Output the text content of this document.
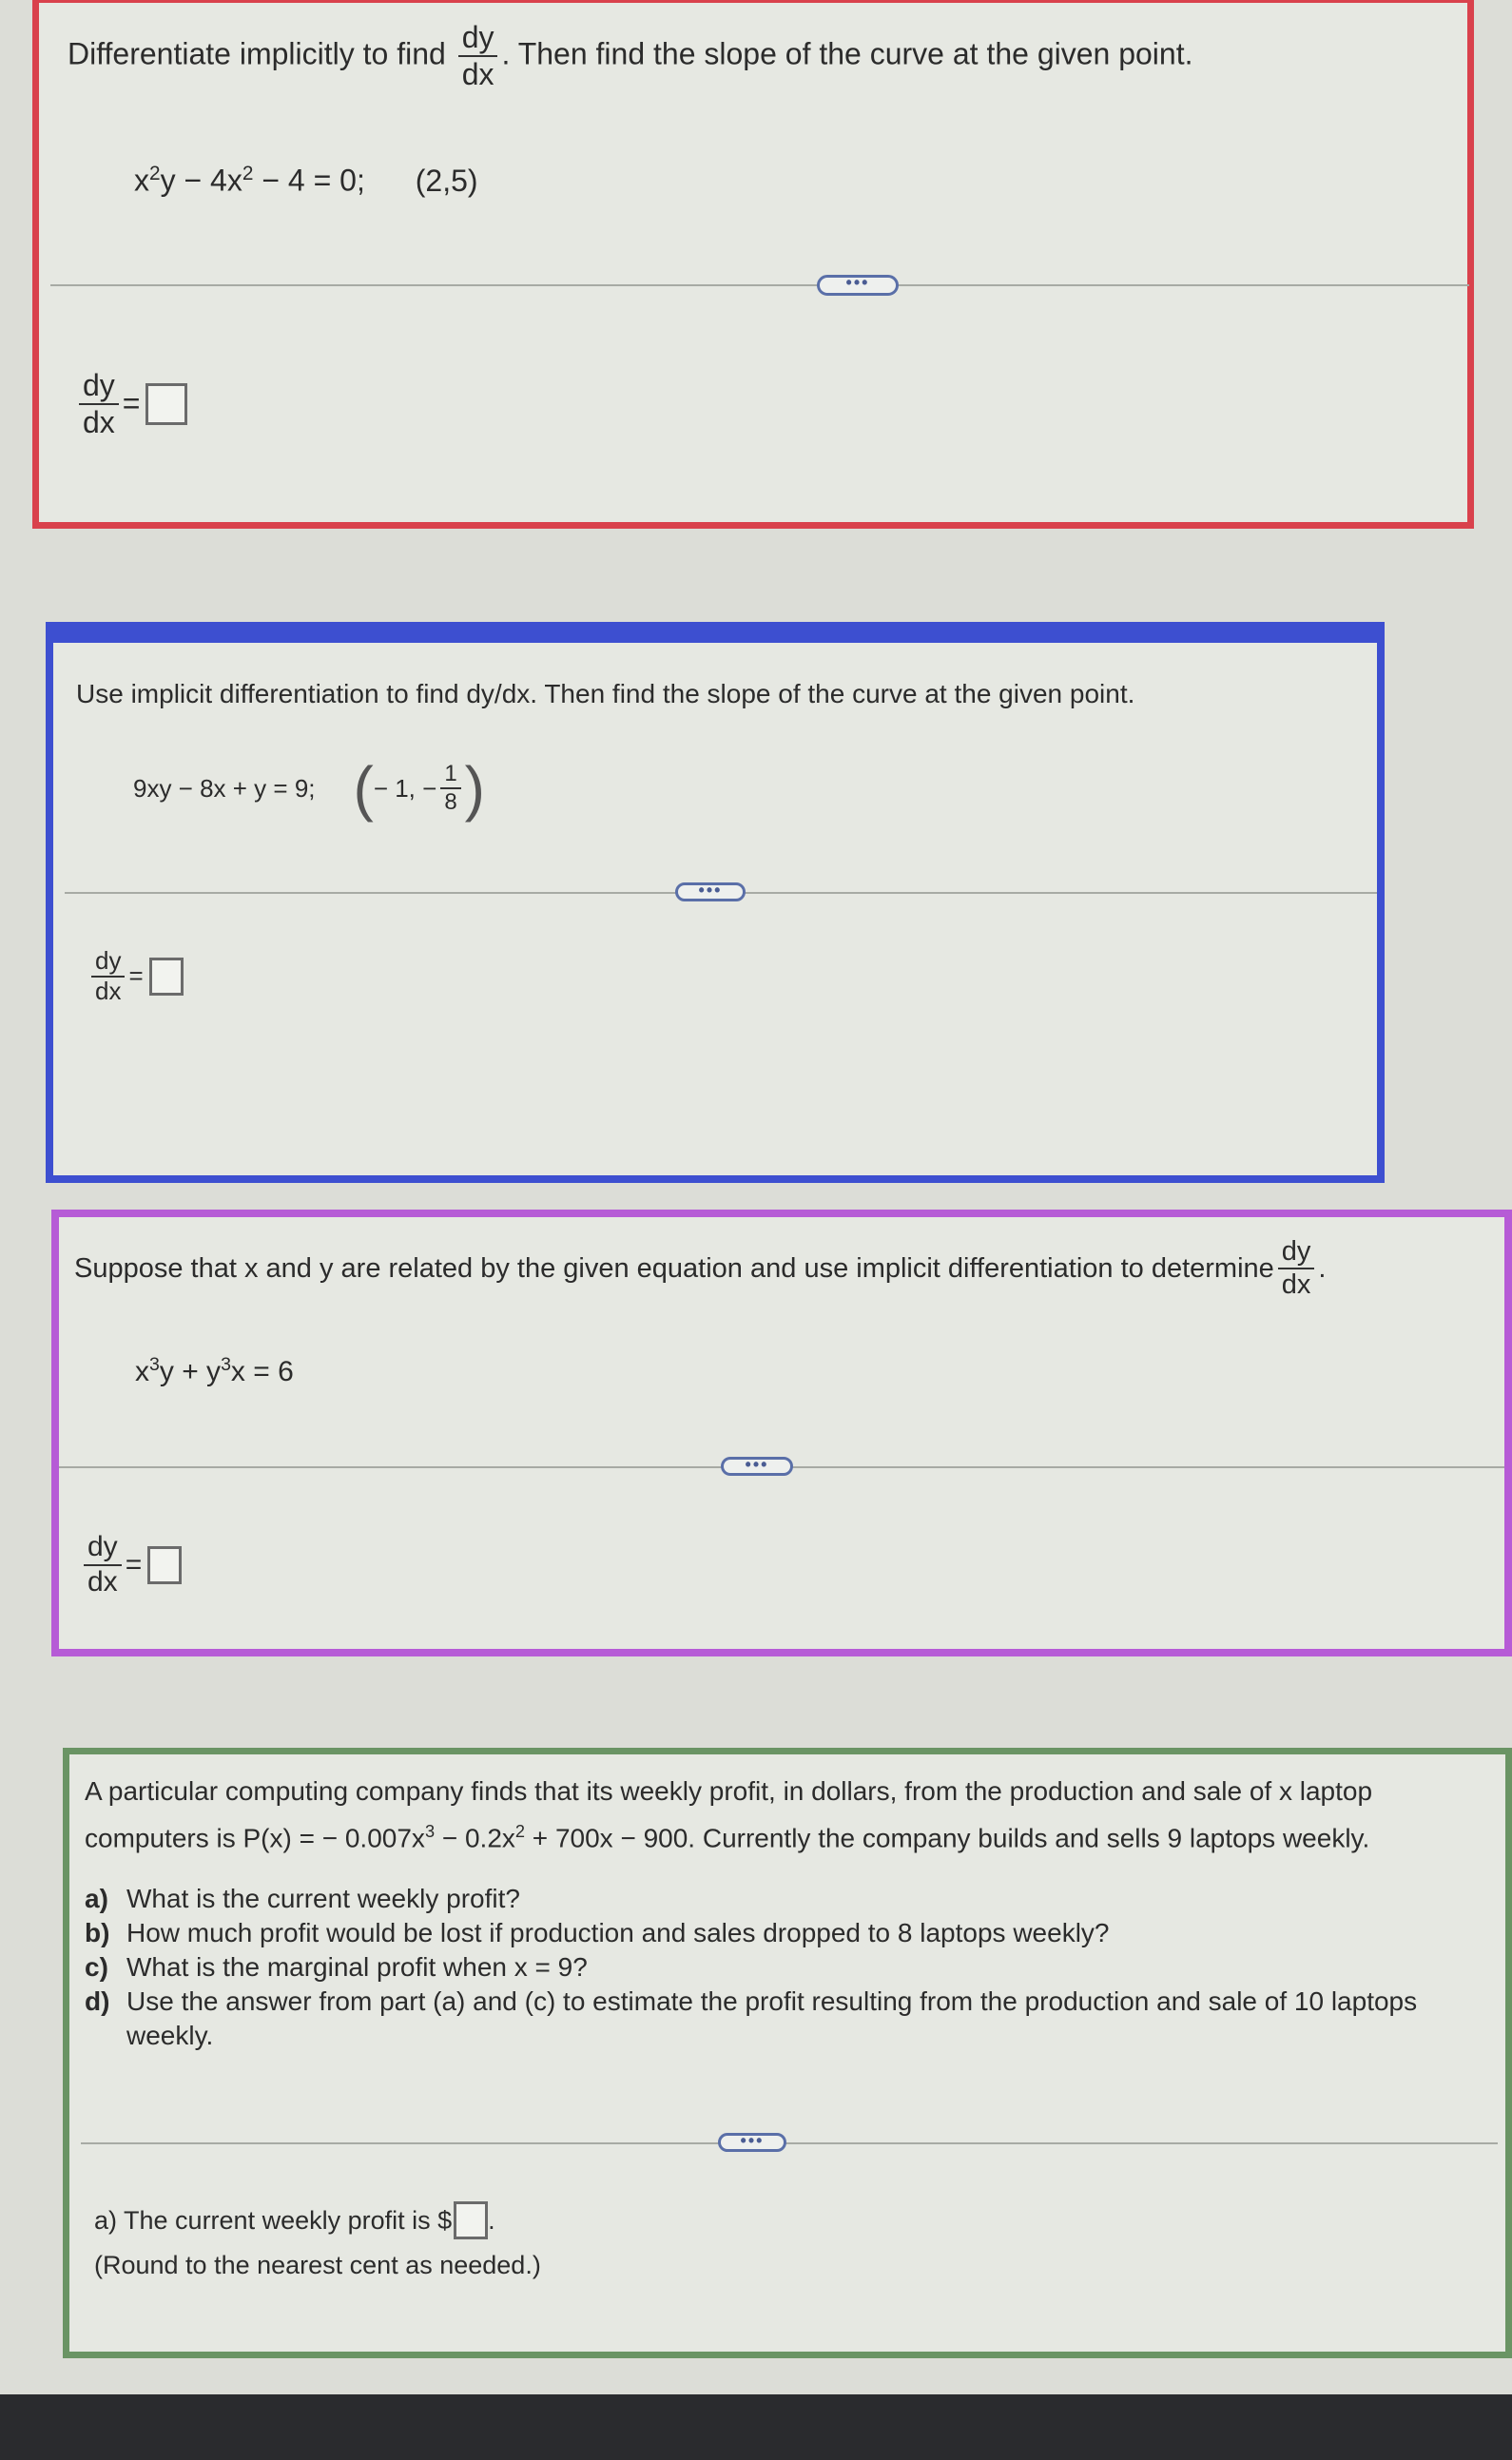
Differentiate implicitly to find $\frac{dy}{dx}$ . Then find the slope of the curve at the given point.
$x^2y - 4x^2 - 4 = 0$; (2,5)
•••
$\frac{dy}{dx}$ =
Use implicit differentiation to find dy/dx. Then find the slope of the curve at the given point.
9xy − 8x + y = 9; ( − 1, − $\frac{1}{8}$ )
•••
$\frac{dy}{dx}$ =
Suppose that x and y are related by the given equation and use implicit differentiation to determine $\frac{dy}{dx}$ .
$x^3y + y^3x = 6$
•••
$\frac{dy}{dx}$ =
A particular computing company finds that its weekly profit, in dollars, from the production and sale of x laptop
computers is P(x) = − $0.007x^3 - 0.2x^2 + 700x - 900$. Currently the company builds and sells 9 laptops weekly.
a) What is the current weekly profit?
b) How much profit would be lost if production and sales dropped to 8 laptops weekly?
c) What is the marginal profit when x = 9?
d) Use the answer from part (a) and (c) to estimate the profit resulting from the production and sale of 10 laptops weekly.
•••
a) The current weekly profit is $ .
(Round to the nearest cent as needed.)
